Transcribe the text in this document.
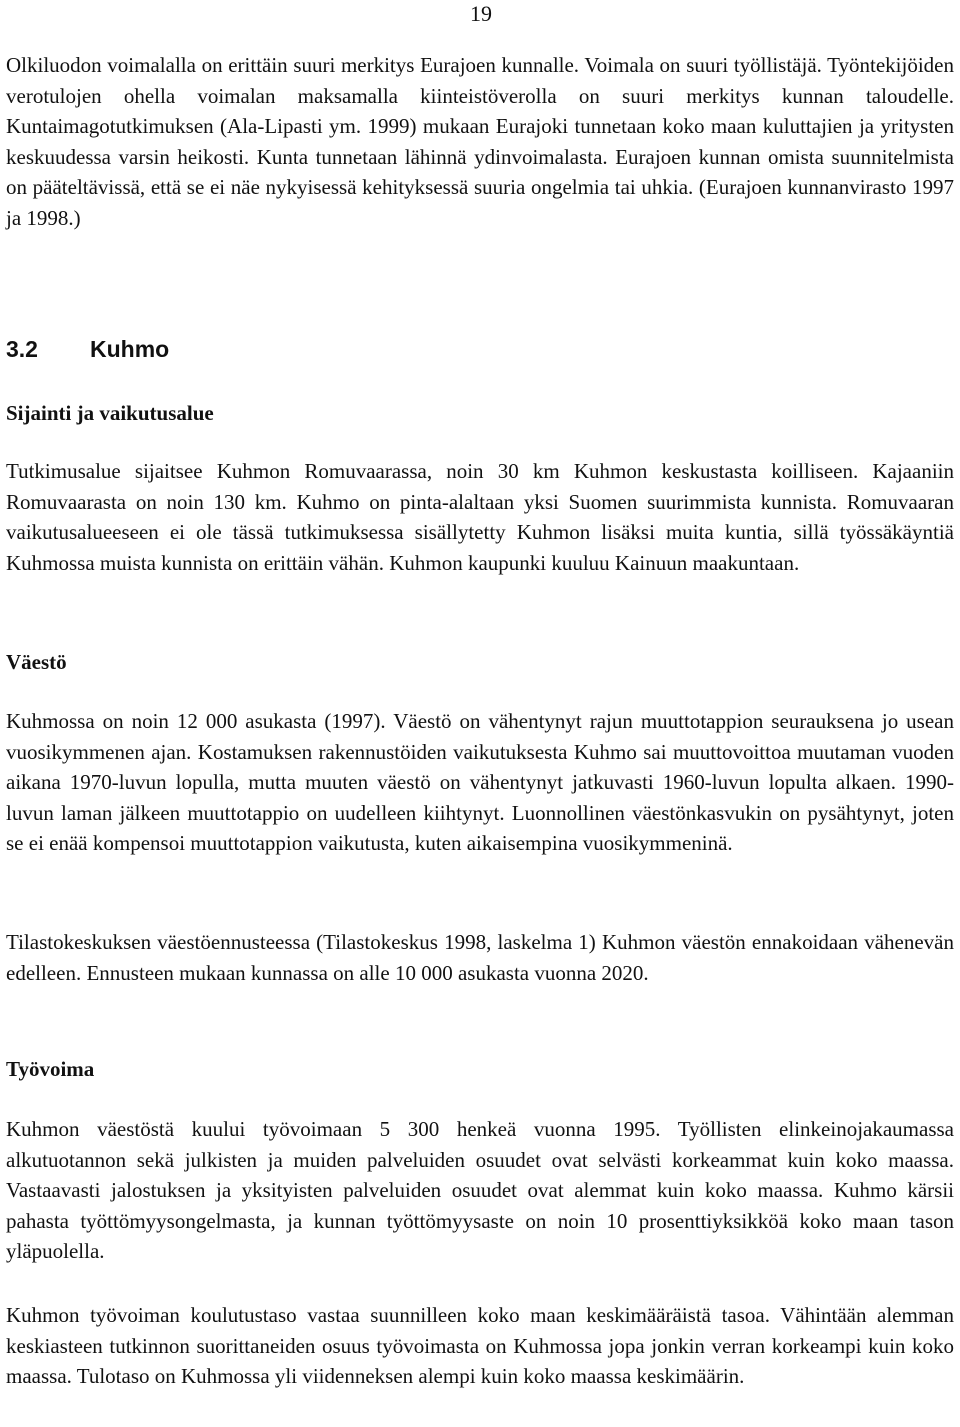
19

Olkiluodon voimalalla on erittäin suuri merkitys Eurajoen kunnalle. Voimala on suuri työllistäjä. Työntekijöiden verotulojen ohella voimalan maksamalla kiinteistöverolla on suuri merkitys kunnan taloudelle. Kuntaimagotutkimuksen (Ala-Lipasti ym. 1999) mukaan Eurajoki tunnetaan koko maan kuluttajien ja yritysten keskuudessa varsin heikosti. Kunta tunnetaan lähinnä ydinvoimalasta. Eurajoen kunnan omista suunnitelmista on pääteltävissä, että se ei näe nykyisessä kehityksessä suuria ongelmia tai uhkia. (Eurajoen kunnanvirasto 1997 ja 1998.)

3.2 Kuhmo
Sijainti ja vaikutusalue

Tutkimusalue sijaitsee Kuhmon Romuvaarassa, noin 30 km Kuhmon keskustasta koilliseen. Kajaaniin Romuvaarasta on noin 130 km. Kuhmo on pinta-alaltaan yksi Suomen suurimmista kunnista. Romuvaaran vaikutusalueeseen ei ole tässä tutkimuksessa sisällytetty Kuhmon lisäksi muita kuntia, sillä työssäkäyntiä Kuhmossa muista kunnista on erittäin vähän. Kuhmon kaupunki kuuluu Kainuun maakuntaan.

Väestö

Kuhmossa on noin 12 000 asukasta (1997). Väestö on vähentynyt rajun muuttotappion seurauksena jo usean vuosikymmenen ajan. Kostamuksen rakennustöiden vaikutuksesta Kuhmo sai muuttovoittoa muutaman vuoden aikana 1970-luvun lopulla, mutta muuten väestö on vähentynyt jatkuvasti 1960-luvun lopulta alkaen. 1990-luvun laman jälkeen muuttotappio on uudelleen kiihtynyt. Luonnollinen väestönkasvukin on pysähtynyt, joten se ei enää kompensoi muuttotappion vaikutusta, kuten aikaisempina vuosikymmeninä.

Tilastokeskuksen väestöennusteessa (Tilastokeskus 1998, laskelma 1) Kuhmon väestön ennakoidaan vähenevän edelleen. Ennusteen mukaan kunnassa on alle 10 000 asukasta vuonna 2020.

Työvoima

Kuhmon väestöstä kuului työvoimaan 5 300 henkeä vuonna 1995. Työllisten elinkeinojakaumassa alkutuotannon sekä julkisten ja muiden palveluiden osuudet ovat selvästi korkeammat kuin koko maassa. Vastaavasti jalostuksen ja yksityisten palveluiden osuudet ovat alemmat kuin koko maassa. Kuhmo kärsii pahasta työttömyysongelmasta, ja kunnan työttömyysaste on noin 10 prosenttiyksikköä koko maan tason yläpuolella.

Kuhmon työvoiman koulutustaso vastaa suunnilleen koko maan keskimääräistä tasoa. Vähintään alemman keskiasteen tutkinnon suorittaneiden osuus työvoimasta on Kuhmossa jopa jonkin verran korkeampi kuin koko maassa. Tulotaso on Kuhmossa yli viidenneksen alempi kuin koko maassa keskimäärin.
